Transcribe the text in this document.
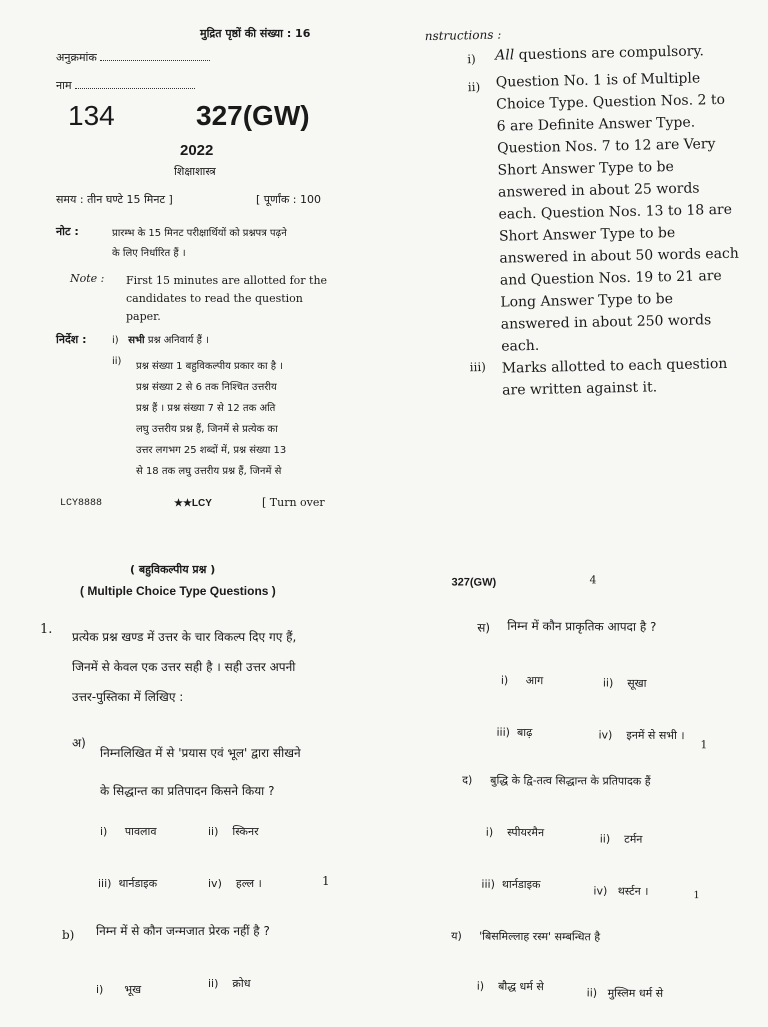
मुद्रित पृष्ठों की संख्या : 16
अनुक्रमांक
नाम
134	327(GW)
2022
शिक्षाशास्त्र
समय : तीन घण्टे 15 मिनट ]	[ पूर्णांक : 100
नोट :	प्रारम्भ के 15 मिनट परीक्षार्थियों को प्रश्नपत्र पढ़ने
के लिए निर्धारित हैं ।
Note : First 15 minutes are allotted for the
candidates to read the question
paper.
निर्देश :	i) सभी प्रश्न अनिवार्य हैं ।
ii) प्रश्न संख्या 1 बहुविकल्पीय प्रकार का है ।
प्रश्न संख्या 2 से 6 तक निश्चित उत्तरीय
प्रश्न हैं । प्रश्न संख्या 7 से 12 तक अति
लघु उत्तरीय प्रश्न हैं, जिनमें से प्रत्येक का
उत्तर लगभग 25 शब्दों में, प्रश्न संख्या 13
से 18 तक लघु उत्तरीय प्रश्न हैं, जिनमें से
LCY8888	★★LCY	[ Turn over
nstructions :
i) All questions are compulsory.
ii) Question No. 1 is of Multiple
Choice Type. Question Nos. 2 to
6 are Definite Answer Type.
Question Nos. 7 to 12 are Very
Short Answer Type to be
answered in about 25 words
each. Question Nos. 13 to 18 are
Short Answer Type to be
answered in about 50 words each
and Question Nos. 19 to 21 are
Long Answer Type to be
answered in about 250 words
each.
iii) Marks allotted to each question
are written against it.
( बहुविकल्पीय प्रश्न )
( Multiple Choice Type Questions )
1. प्रत्येक प्रश्न खण्ड में उत्तर के चार विकल्प दिए गए हैं,
जिनमें से केवल एक उत्तर सही है । सही उत्तर अपनी
उत्तर-पुस्तिका में लिखिए :
अ)
निम्नलिखित में से 'प्रयास एवं भूल' द्वारा सीखने
के सिद्धान्त का प्रतिपादन किसने किया ?
i) पावलाव	ii) स्किनर
iii) थार्नडाइक	iv) हल्ल ।	1
b) निम्न में से कौन जन्मजात प्रेरक नहीं है ?
i) भूख	ii) क्रोध
327(GW)	4
स) निम्न में कौन प्राकृतिक आपदा है ?
i) आग	ii) सूखा
iii) बाढ़	iv) इनमें से सभी ।
1
द) बुद्धि के द्वि-तत्व सिद्धान्त के प्रतिपादक हैं
i) स्पीयरमैन	ii) टर्मन
iii) थार्नडाइक	iv) थर्स्टन ।	1
य) 'बिसमिल्लाह रस्म' सम्बन्धित है
i) बौद्ध धर्म से	ii) मुस्लिम धर्म से
